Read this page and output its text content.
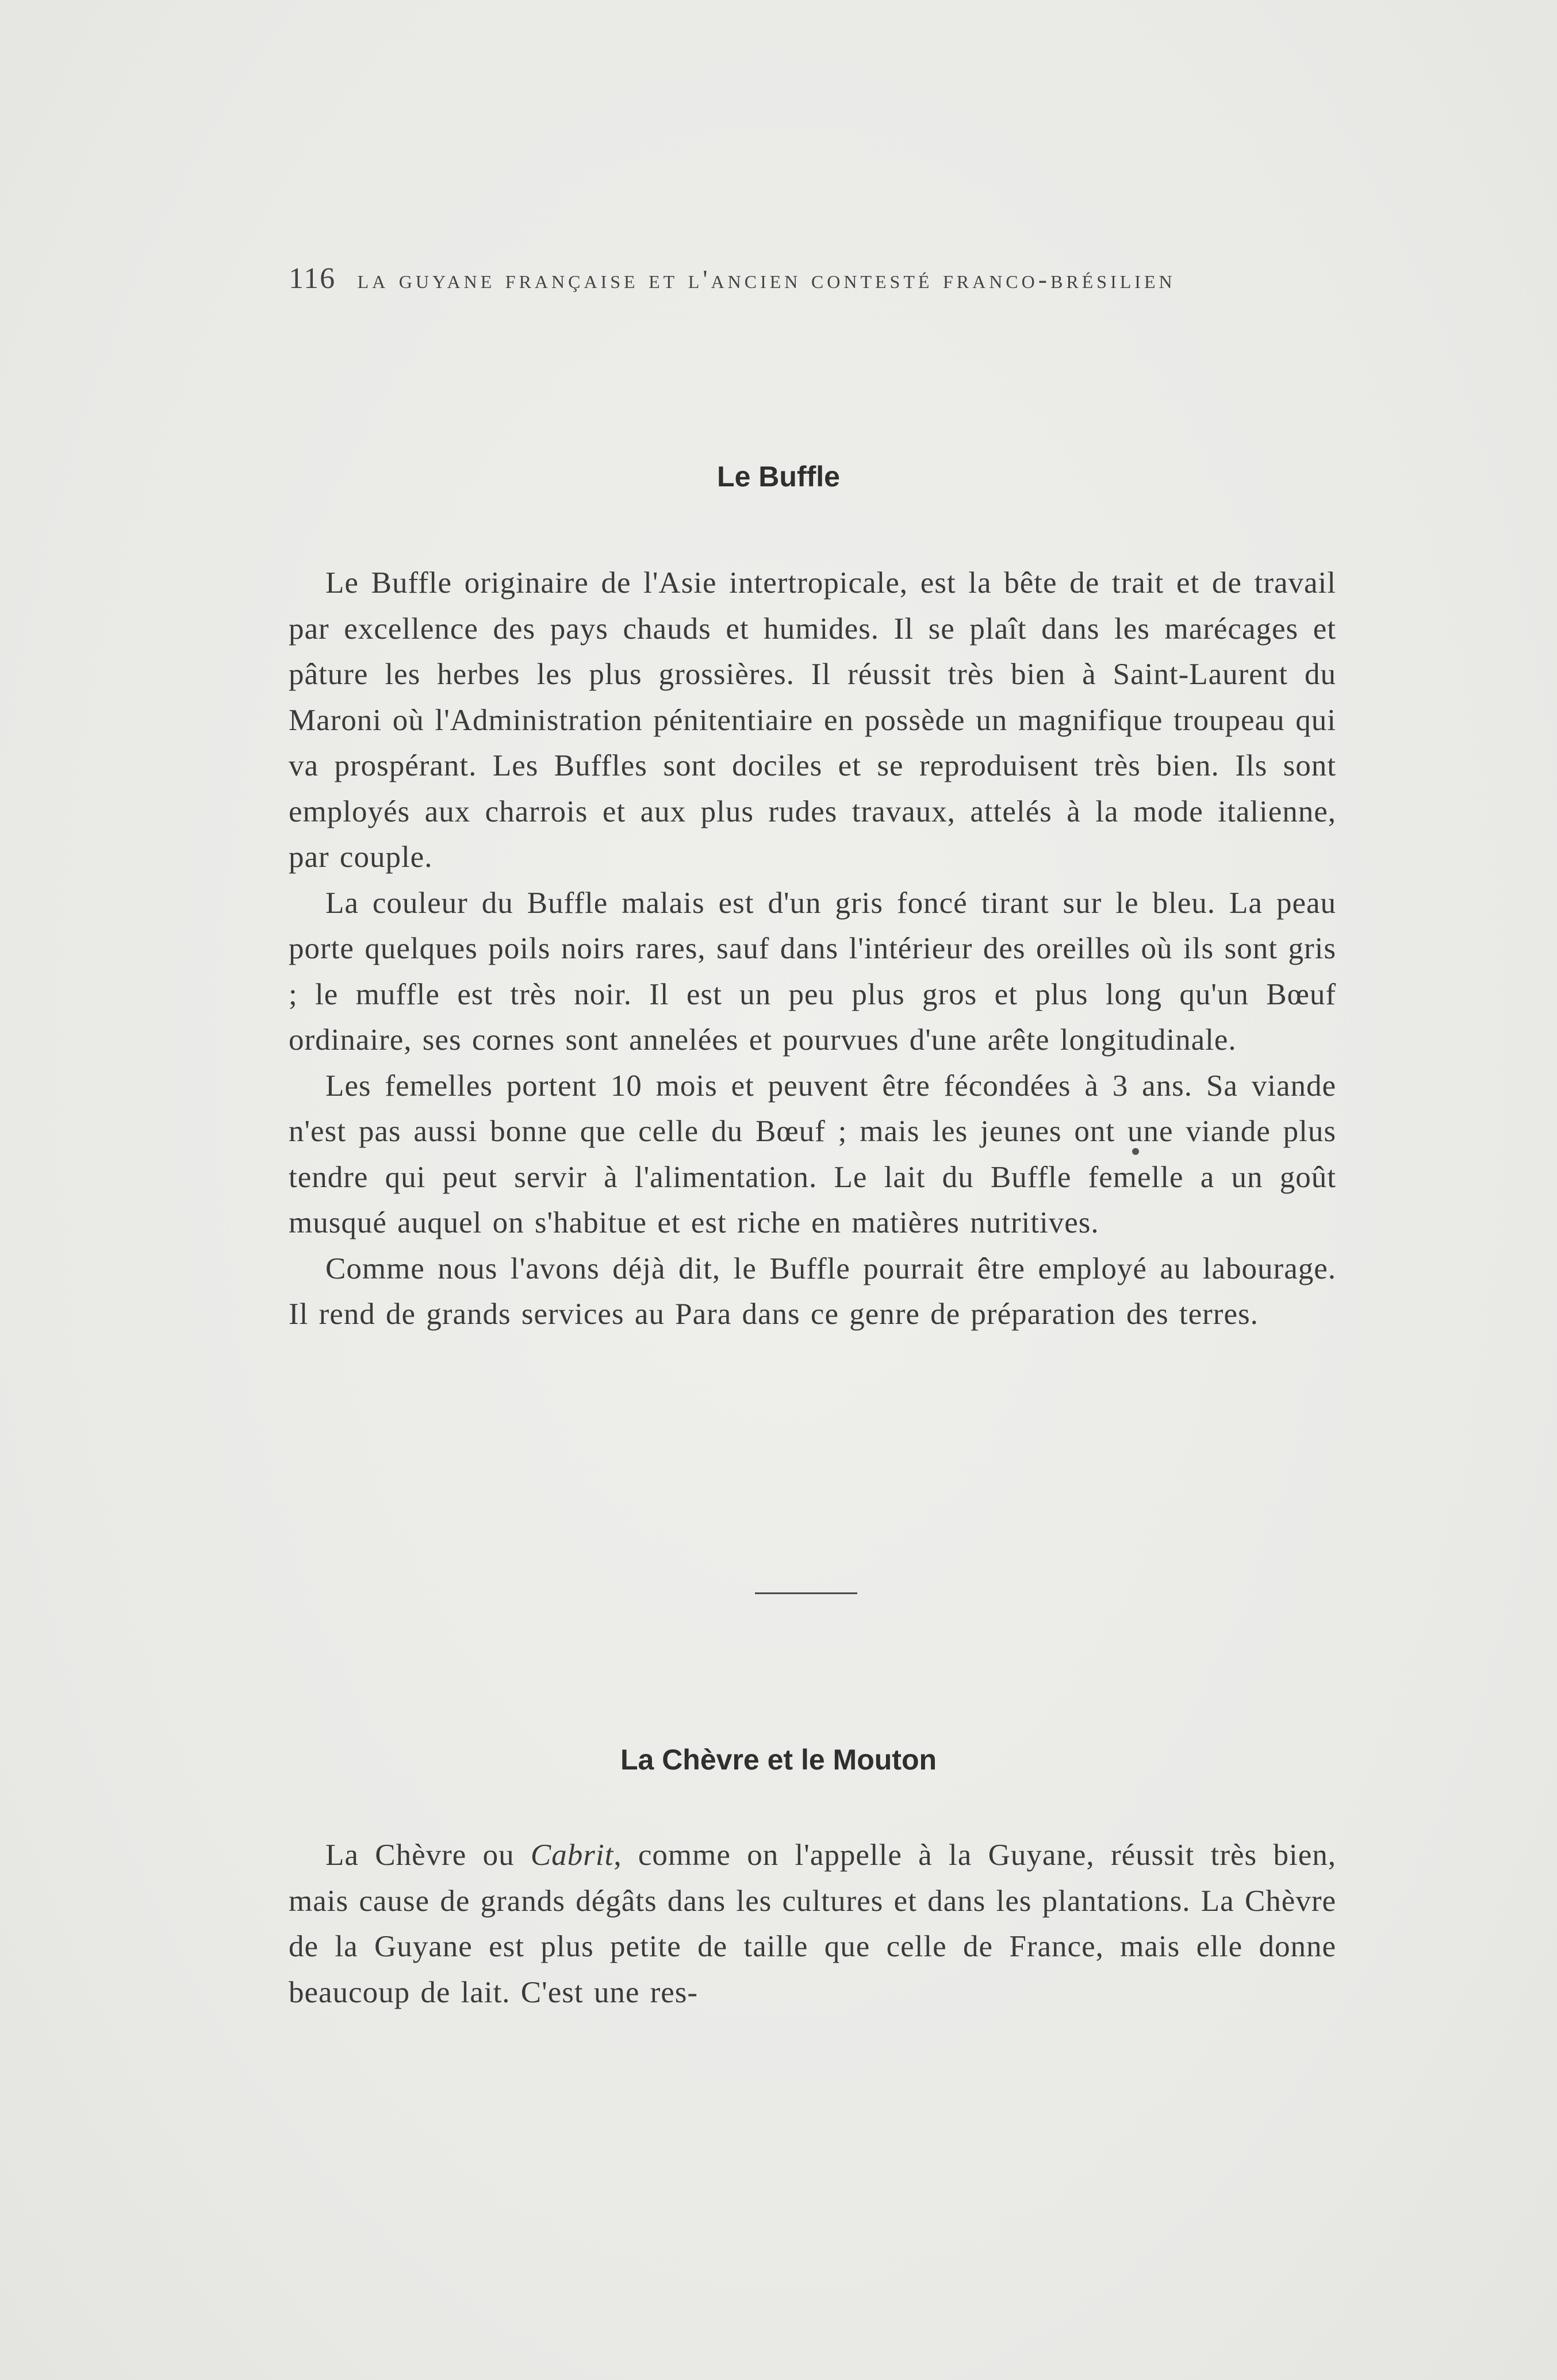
116 la guyane française et l'ancien contesté franco-brésilien
Le Buffle

Le Buffle originaire de l'Asie intertropicale, est la bête de trait et de travail par excellence des pays chauds et humides. Il se plaît dans les marécages et pâture les herbes les plus grossières. Il réussit très bien à Saint-Laurent du Maroni où l'Administration pénitentiaire en possède un magnifique troupeau qui va prospérant. Les Buffles sont dociles et se reproduisent très bien. Ils sont employés aux charrois et aux plus rudes travaux, attelés à la mode italienne, par couple.

La couleur du Buffle malais est d'un gris foncé tirant sur le bleu. La peau porte quelques poils noirs rares, sauf dans l'intérieur des oreilles où ils sont gris ; le muffle est très noir. Il est un peu plus gros et plus long qu'un Bœuf ordinaire, ses cornes sont annelées et pourvues d'une arête longitudinale.

Les femelles portent 10 mois et peuvent être fécondées à 3 ans. Sa viande n'est pas aussi bonne que celle du Bœuf ; mais les jeunes ont une viande plus tendre qui peut servir à l'alimentation. Le lait du Buffle femelle a un goût musqué auquel on s'habitue et est riche en matières nutritives.

Comme nous l'avons déjà dit, le Buffle pourrait être employé au labourage. Il rend de grands services au Para dans ce genre de préparation des terres.

La Chèvre et le Mouton

La Chèvre ou Cabrit, comme on l'appelle à la Guyane, réussit très bien, mais cause de grands dégâts dans les cultures et dans les plantations. La Chèvre de la Guyane est plus petite de taille que celle de France, mais elle donne beaucoup de lait. C'est une res-
